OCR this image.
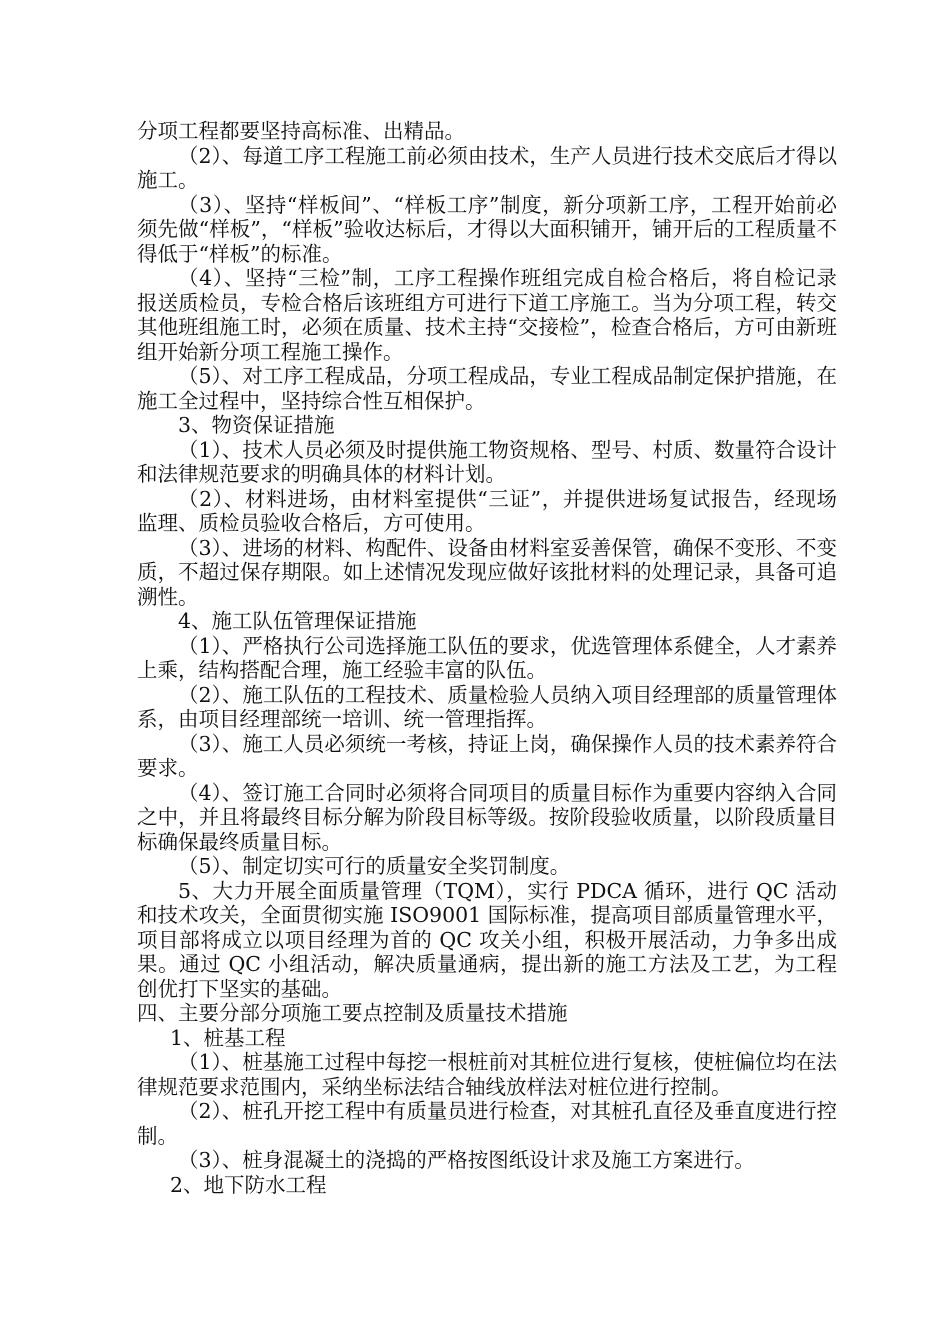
分项工程都要坚持高标准、出精品。

（2）、每道工序工程施工前必须由技术，生产人员进行技术交底后才得以施工。

（3）、坚持“样板间”、“样板工序”制度，新分项新工序，工程开始前必须先做“样板”，“样板”验收达标后，才得以大面积铺开，铺开后的工程质量不得低于“样板”的标准。

（4）、坚持“三检”制，工序工程操作班组完成自检合格后，将自检记录报送质检员，专检合格后该班组方可进行下道工序施工。当为分项工程，转交其他班组施工时，必须在质量、技术主持“交接检”，检查合格后，方可由新班组开始新分项工程施工操作。

（5）、对工序工程成品，分项工程成品，专业工程成品制定保护措施，在施工全过程中，坚持综合性互相保护。

3、物资保证措施

（1）、技术人员必须及时提供施工物资规格、型号、村质、数量符合设计和法律规范要求的明确具体的材料计划。

（2）、材料进场，由材料室提供“三证”，并提供进场复试报告，经现场监理、质检员验收合格后，方可使用。

（3）、进场的材料、构配件、设备由材料室妥善保管，确保不变形、不变质，不超过保存期限。如上述情况发现应做好该批材料的处理记录，具备可追溯性。

4、施工队伍管理保证措施

（1）、严格执行公司选择施工队伍的要求，优选管理体系健全，人才素养上乘，结构搭配合理，施工经验丰富的队伍。

（2）、施工队伍的工程技术、质量检验人员纳入项目经理部的质量管理体系，由项目经理部统一培训、统一管理指挥。

（3）、施工人员必须统一考核，持证上岗，确保操作人员的技术素养符合要求。

（4）、签订施工合同时必须将合同项目的质量目标作为重要内容纳入合同之中，并且将最终目标分解为阶段目标等级。按阶段验收质量，以阶段质量目标确保最终质量目标。

（5）、制定切实可行的质量安全奖罚制度。

5、大力开展全面质量管理（TQM），实行 PDCA 循环，进行 QC 活动和技术攻关，全面贯彻实施 ISO9001 国际标准，提高项目部质量管理水平，项目部将成立以项目经理为首的 QC 攻关小组，积极开展活动，力争多出成果。通过 QC 小组活动，解决质量通病，提出新的施工方法及工艺，为工程创优打下坚实的基础。

四、主要分部分项施工要点控制及质量技术措施

1、桩基工程

（1）、桩基施工过程中每挖一根桩前对其桩位进行复核，使桩偏位均在法律规范要求范围内，采纳坐标法结合轴线放样法对桩位进行控制。

（2）、桩孔开挖工程中有质量员进行检查，对其桩孔直径及垂直度进行控制。

（3）、桩身混凝土的浇捣的严格按图纸设计求及施工方案进行。

2、地下防水工程
